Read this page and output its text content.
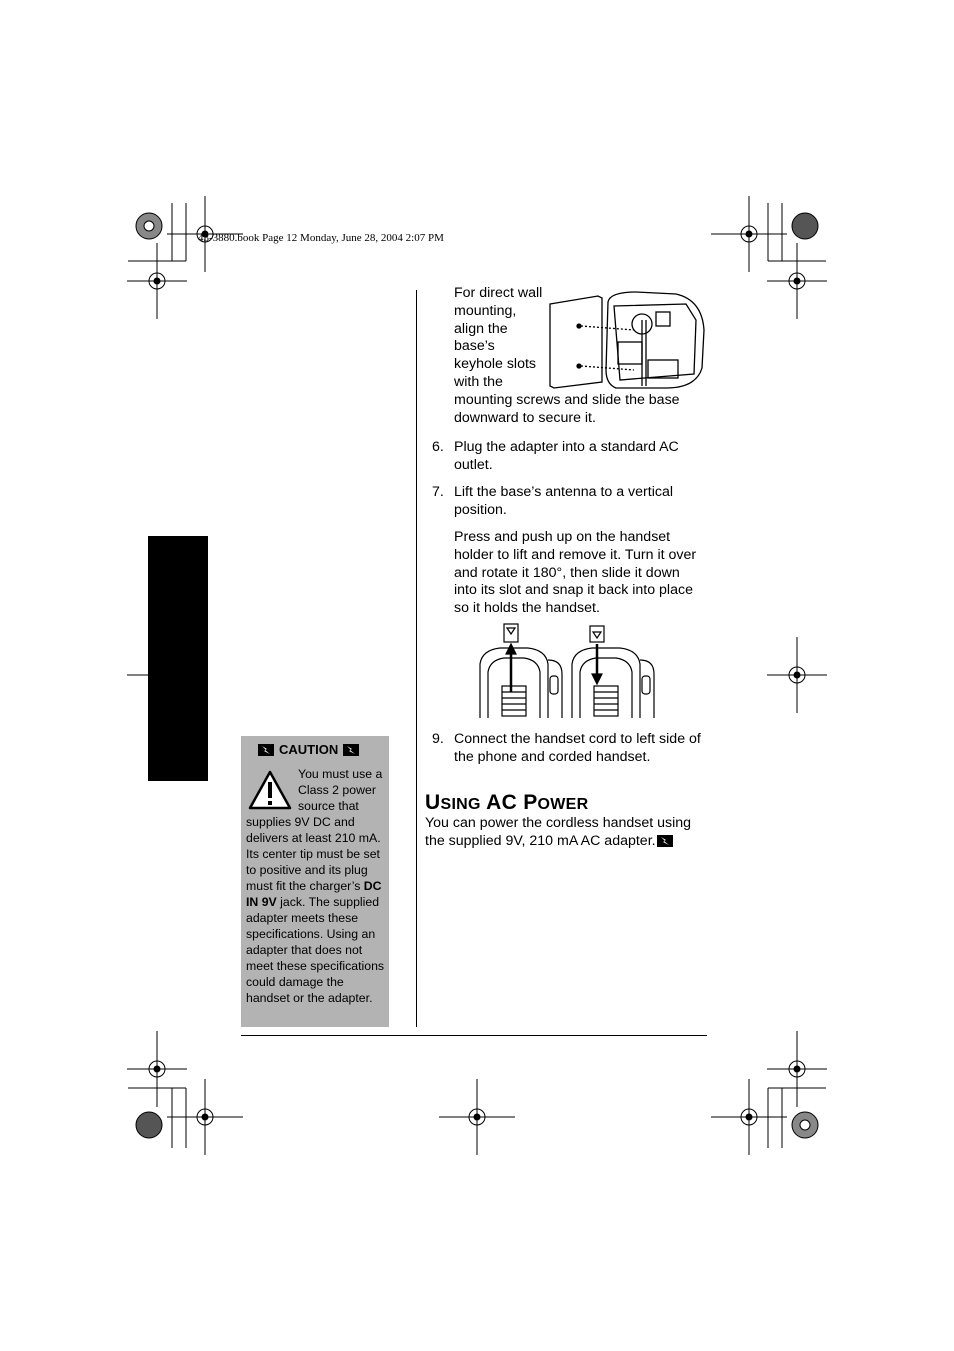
43-3880.book Page 12 Monday, June 28, 2004 2:07 PM
For direct wall
mounting,
align the
base’s
keyhole slots
with the
mounting screws and slide the base downward to secure it.
6. Plug the adapter into a standard AC outlet.
7. Lift the base’s antenna to a vertical position.
Press and push up on the handset holder to lift and remove it. Turn it over and rotate it 180°, then slide it down into its slot and snap it back into place so it holds the handset.
9. Connect the handset cord to left side of the phone and corded handset.
USING AC POWER
You can power the cordless handset using the supplied 9V, 210 mA AC adapter.
CAUTION
You must use a Class 2 power source that supplies 9V DC and delivers at least 210 mA. Its center tip must be set to positive and its plug must fit the charger’s DC IN 9V jack. The supplied adapter meets these specifications. Using an adapter that does not meet these specifications could damage the handset or the adapter.
